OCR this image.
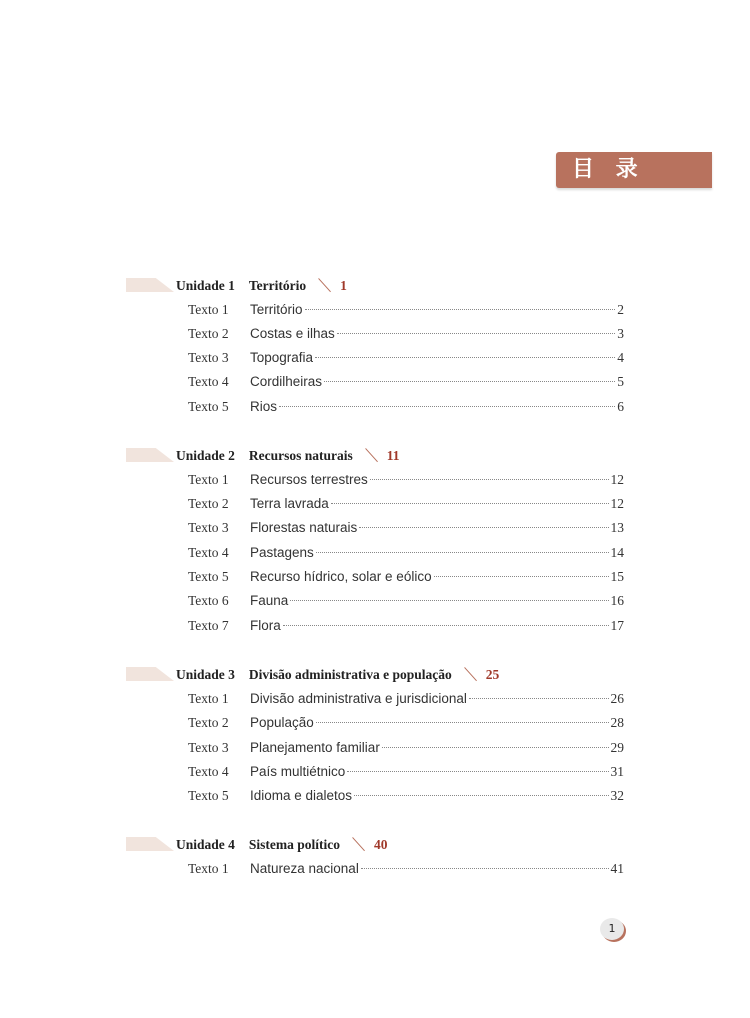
目 录
Unidade 1 Território	1
Texto 1 Território	2
Texto 2 Costas e ilhas	3
Texto 3 Topografia	4
Texto 4 Cordilheiras	5
Texto 5 Rios	6
Unidade 2 Recursos naturais	11
Texto 1 Recursos terrestres	12
Texto 2 Terra lavrada	12
Texto 3 Florestas naturais	13
Texto 4 Pastagens	14
Texto 5 Recurso hídrico, solar e eólico	15
Texto 6 Fauna	16
Texto 7 Flora	17
Unidade 3 Divisão administrativa e população	25
Texto 1 Divisão administrativa e jurisdicional	26
Texto 2 População	28
Texto 3 Planejamento familiar	29
Texto 4 País multiétnico	31
Texto 5 Idioma e dialetos	32
Unidade 4 Sistema político	40
Texto 1 Natureza nacional	41
1
